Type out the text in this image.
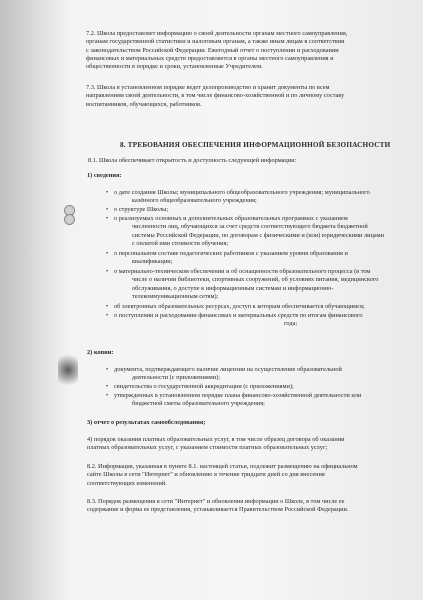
7.2. Школа предоставляет информацию о своей деятельности органам местного самоуправления,
органам государственной статистики и налоговым органам, а также иным лицам в соответствии
с законодательством Российской Федерации. Ежегодный отчет о поступлении и расходовании
финансовых и материальных средств предоставляется в органы местного самоуправления и
общественности в порядке и сроки, установленные Учредителем.
7.3. Школа в установленном порядке ведет делопроизводство и хранит документы по всем
направлениям своей деятельности, в том числе финансово-хозяйственной и по личному составу
воспитанников, обучающихся, работников.
8. ТРЕБОВАНИЯ ОБЕСПЕЧЕНИЯ ИНФОРМАЦИОННОЙ БЕЗОПАСНОСТИ
8.1. Школа обеспечивает открытость и доступность следующей информации:
1) сведения:
• о дате создания Школы; муниципального общеобразовательного учреждения; муниципального
казённого общеобразовательного учреждения;
• о структуре Школы;
• о реализуемых основных и дополнительных образовательных программах с указанием
численности лиц, обучающихся за счет средств соответствующего бюджета бюджетной
системы Российской Федерации, по договорам с физическими и (или) юридическими лицами
с оплатой ими стоимости обучения;
• о персональном составе педагогических работников с указанием уровня образования и
квалификации;
• о материально-техническом обеспечении и об оснащенности образовательного процесса (в том
числе о наличии библиотеки, спортивных сооружений, об условиях питания, медицинского
обслуживания, о доступе к информационным системам и информационно-
телекоммуникационным сетям);
• об электронных образовательных ресурсах, доступ к которым обеспечивается обучающимся;
• о поступлении и расходовании финансовых и материальных средств по итогам финансового
года;
2) копии:
• документа, подтверждающего наличие лицензии на осуществление образовательной
деятельности (с приложениями);
• свидетельства о государственной аккредитации (с приложениями);
• утвержденных в установленном порядке плана финансово-хозяйственной деятельности или
бюджетной сметы образовательного учреждения;
3) отчет о результатах самообследования;
4) порядок оказания платных образовательных услуг, в том числе образец договора об оказании
платных образовательных услуг, с указанием стоимости платных образовательных услуг;
8.2. Информация, указанная в пункте 8.1. настоящей статьи, подлежит размещению на официальном
сайте Школы в сети "Интернет" и обновлению в течение тридцати дней со дня внесения
соответствующих изменений.
8.3. Порядок размещения в сети "Интернет" и обновления информации о Школе, в том числе ее
содержание и форма ее представления, устанавливается Правительством Российской Федерации.
